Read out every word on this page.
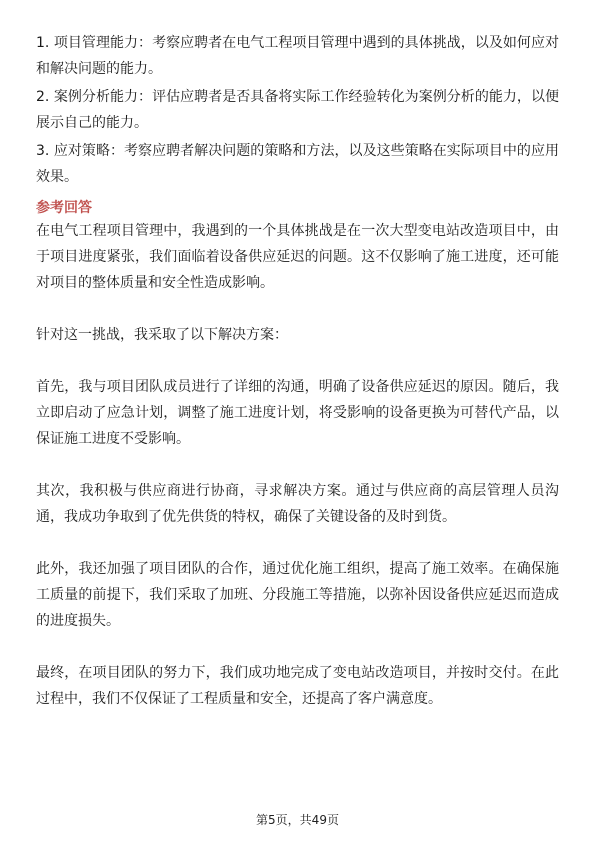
1. 项目管理能力：考察应聘者在电气工程项目管理中遇到的具体挑战，以及如何应对和解决问题的能力。

2. 案例分析能力：评估应聘者是否具备将实际工作经验转化为案例分析的能力，以便展示自己的能力。

3. 应对策略：考察应聘者解决问题的策略和方法，以及这些策略在实际项目中的应用效果。

参考回答

在电气工程项目管理中，我遇到的一个具体挑战是在一次大型变电站改造项目中，由于项目进度紧张，我们面临着设备供应延迟的问题。这不仅影响了施工进度，还可能对项目的整体质量和安全性造成影响。

针对这一挑战，我采取了以下解决方案：

首先，我与项目团队成员进行了详细的沟通，明确了设备供应延迟的原因。随后，我立即启动了应急计划，调整了施工进度计划，将受影响的设备更换为可替代产品，以保证施工进度不受影响。

其次，我积极与供应商进行协商，寻求解决方案。通过与供应商的高层管理人员沟通，我成功争取到了优先供货的特权，确保了关键设备的及时到货。

此外，我还加强了项目团队的合作，通过优化施工组织，提高了施工效率。在确保施工质量的前提下，我们采取了加班、分段施工等措施，以弥补因设备供应延迟而造成的进度损失。

最终，在项目团队的努力下，我们成功地完成了变电站改造项目，并按时交付。在此过程中，我们不仅保证了工程质量和安全，还提高了客户满意度。

第5页，共49页
